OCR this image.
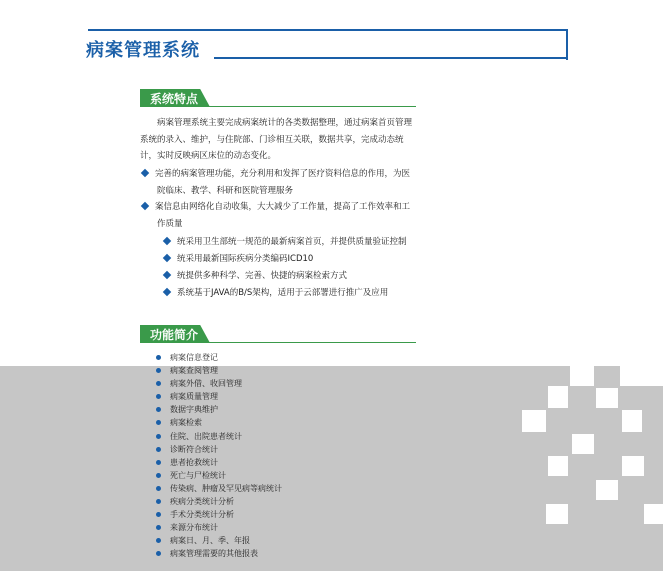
病案管理系统
系统特点
病案管理系统主要完成病案统计的各类数据整理，通过病案首页管理系统的录入、维护，与住院部、门诊相互关联，数据共享，完成动态统计，实时反映病区床位的动态变化。
完善的病案管理功能，充分利用和发挥了医疗资料信息的作用，为医院临床、教学、科研和医院管理服务
案信息由网络化自动收集，大大减少了工作量，提高了工作效率和工作质量
统采用卫生部统一规范的最新病案首页，并提供质量验证控制
统采用最新国际疾病分类编码ICD10
统提供多种科学、完善、快捷的病案检索方式
系统基于JAVA的B/S架构，适用于云部署进行推广及应用
功能简介
病案信息登记
病案查阅管理
病案外借、收回管理
病案质量管理
数据字典维护
病案检索
住院、出院患者统计
诊断符合统计
患者抢救统计
死亡与尸检统计
传染病、肿瘤及罕见病等病统计
疾病分类统计分析
手术分类统计分析
来源分布统计
病案日、月、季、年报
病案管理需要的其他报表
